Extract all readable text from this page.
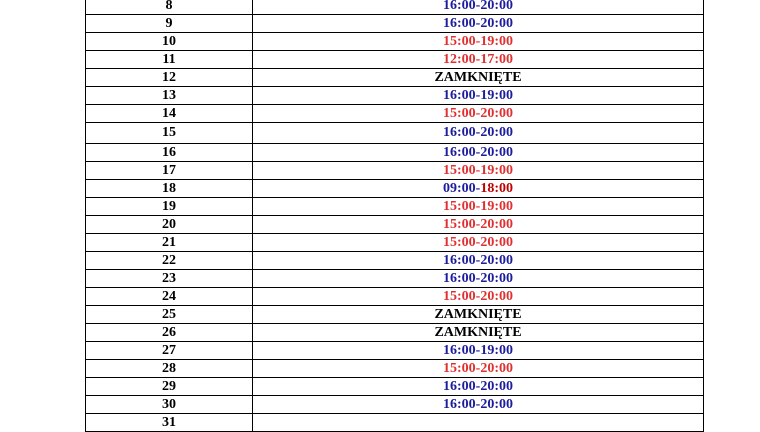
8	16:00-20:00
9	16:00-20:00
10	15:00-19:00
11	12:00-17:00
12	ZAMKNIĘTE
13	16:00-19:00
14	15:00-20:00
15	16:00-20:00
16	16:00-20:00
17	15:00-19:00
18	09:00-18:00
19	15:00-19:00
20	15:00-20:00
21	15:00-20:00
22	16:00-20:00
23	16:00-20:00
24	15:00-20:00
25	ZAMKNIĘTE
26	ZAMKNIĘTE
27	16:00-19:00
28	15:00-20:00
29	16:00-20:00
30	16:00-20:00
31	
